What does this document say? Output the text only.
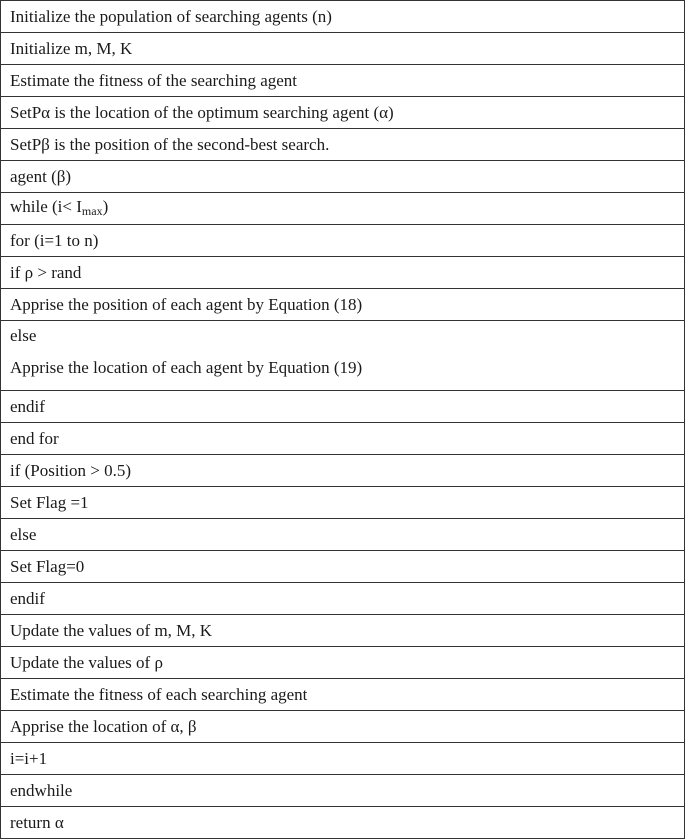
Initialize the population of searching agents (n)
Initialize m, M, K
Estimate the fitness of the searching agent
SetPα is the location of the optimum searching agent (α)
SetPβ is the position of the second-best search.
agent (β)
while $(i< I_{max})$
for (i=1 to n)
if ρ > rand
Apprise the position of each agent by Equation (18)

else
Apprise the location of each agent by Equation (19)

endif
end for
if (Position > 0.5)
Set Flag =1
else
Set Flag=0
endif
Update the values of m, M, K
Update the values of ρ
Estimate the fitness of each searching agent
Apprise the location of α, β
i=i+1
endwhile
return α
